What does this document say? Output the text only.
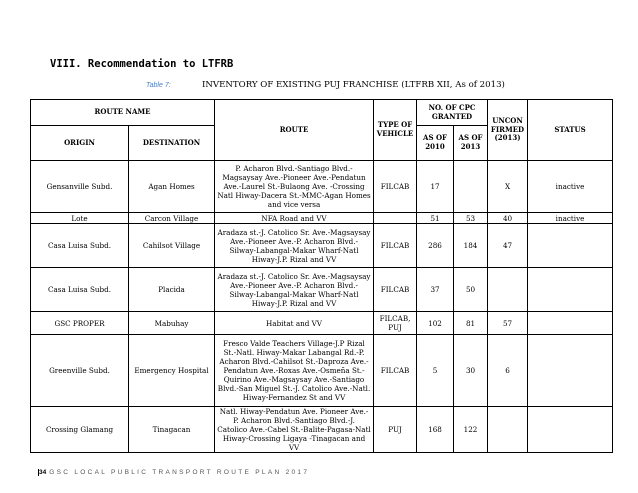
VIII. Recommendation to LTFRB
Table 7:	INVENTORY OF EXISTING PUJ FRANCHISE (LTFRB XII, As of 2013)
ROUTE NAME		ROUTE	TYPE OF VEHICLE	NO. OF CPC GRANTED		UNCONFIRMED (2013)	STATUS
ORIGIN	DESTINATION			AS OF 2010	AS OF 2013		
Gensanville Subd.	Agan Homes	P. Acharon Blvd.-Santiago Blvd.-Magsaysay Ave.-Pioneer Ave.-Pendatun Ave.-Laurel St.-Bulaong Ave. -Crossing Natl Hiway-Dacera St.-MMC-Agan Homes and vice versa	FILCAB	17		X	inactive
Lote	Carcon Village	NFA Road and VV		51	53	40	inactive
Casa Luisa Subd.	Cahilsot Village	Aradaza st.-J. Catolico Sr. Ave.-Magsaysay Ave.-Pioneer Ave.-P. Acharon Blvd.-Silway-Labangal-Makar Wharf-Natl Hiway-J.P. Rizal and VV	FILCAB	286	184	47	
Casa Luisa Subd.	Placida	Aradaza st.-J. Catolico Sr. Ave.-Magsaysay Ave.-Pioneer Ave.-P. Acharon Blvd.-Silway-Labangal-Makar Wharf-Natl Hiway-J.P. Rizal and VV	FILCAB	37	50		
GSC PROPER	Mabuhay	Habitat and VV	FILCAB, PUJ	102	81	57	
Greenville Subd.	Emergency Hospital	Fresco Valde Teachers Village-J.P Rizal St.-Natl. Hiway-Makar Labangal Rd.-P. Acharon Blvd.-Cahilsot St.-Daproza Ave.-Pendatun Ave.-Roxas Ave.-Osmeña St.-Quirino Ave.-Magsaysay Ave.-Santiago Blvd.-San Miguel St.-J. Catolico Ave.-Natl. Hiway-Fernandez St and VV	FILCAB	5	30	6	
Crossing Glamang	Tinagacan	Natl. Hiway-Pendatun Ave. Pioneer Ave.-P. Acharon Blvd.-Santiago Blvd.-J. Catolico Ave.-Cabel St.-Balite-Pagasa-Natl Hiway-Crossing Ligaya -Tinagacan and VV	PUJ	168	122		
34 GSC LOCAL PUBLIC TRANSPORT ROUTE PLAN 2017
